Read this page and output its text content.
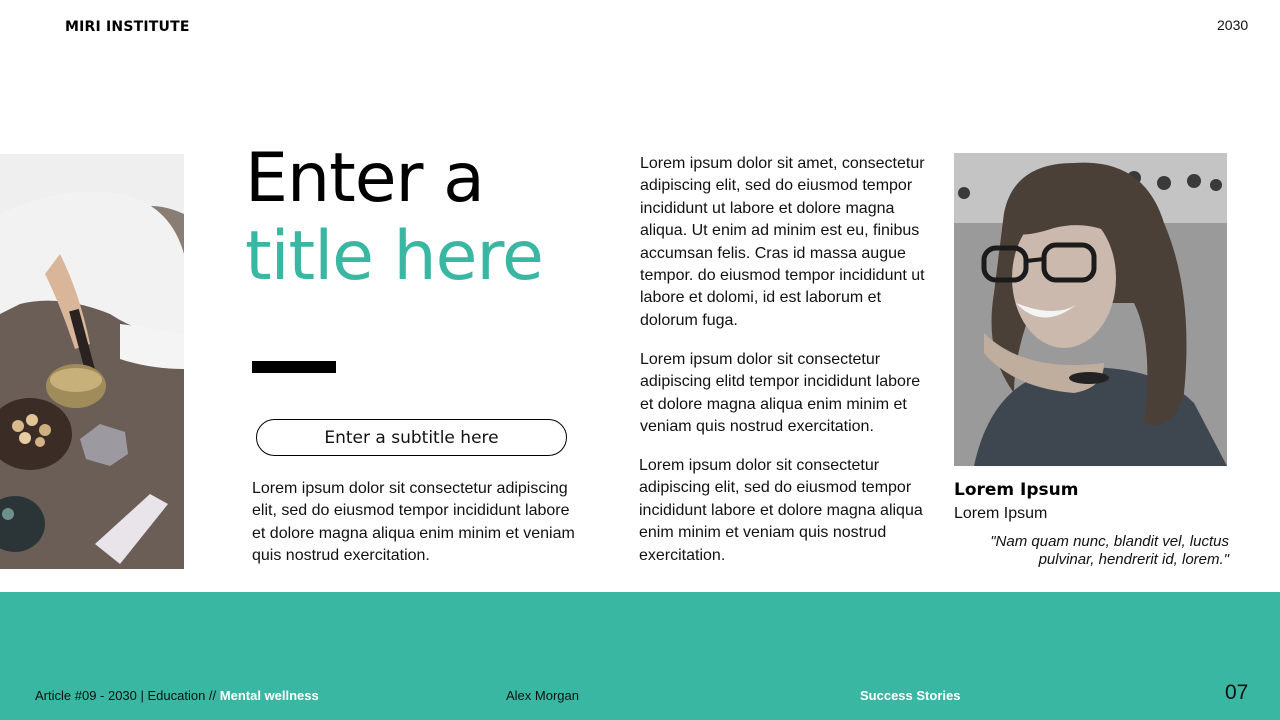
MIRI INSTITUTE	2030
Enter a
title here
Enter a subtitle here

Lorem ipsum dolor sit consectetur adipiscing elit, sed do eiusmod tempor incididunt labore et dolore magna aliqua enim minim et veniam quis nostrud exercitation.

Lorem ipsum dolor sit amet, consectetur adipiscing elit, sed do eiusmod tempor incididunt ut labore et dolore magna aliqua. Ut enim ad minim est eu, finibus accumsan felis. Cras id massa augue tempor. do eiusmod tempor incididunt ut labore et dolomi, id est laborum et dolorum fuga.

Lorem ipsum dolor sit consectetur adipiscing elitd tempor incididunt labore et dolore magna aliqua enim minim et veniam quis nostrud exercitation.

Lorem ipsum dolor sit consectetur adipiscing elit, sed do eiusmod tempor incididunt labore et dolore magna aliqua enim minim et veniam quis nostrud exercitation.

Lorem Ipsum
Lorem Ipsum
"Nam quam nunc, blandit vel, luctus pulvinar, hendrerit id, lorem."
Article #09 - 2030 | Education // Mental wellness	Alex Morgan	Success Stories	07
